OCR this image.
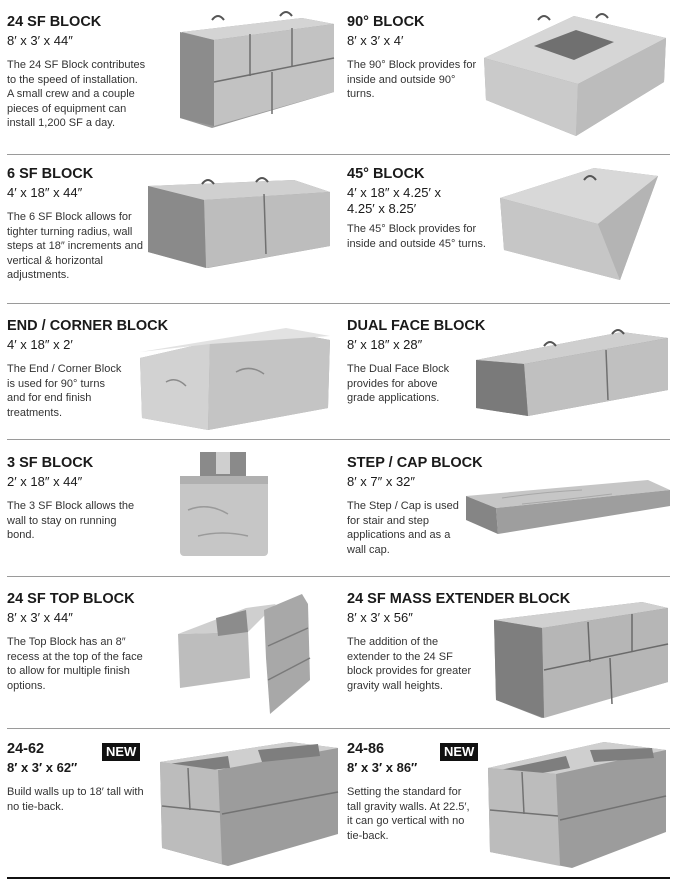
24 SF BLOCK
8′ x 3′ x 44″
The 24 SF Block contributes to the speed of installation. A small crew and a couple pieces of equipment can install 1,200 SF a day.
90° BLOCK
8′ x 3′ x 4′
The 90° Block provides for inside and outside 90° turns.
6 SF BLOCK
4′ x 18″ x 44″
The 6 SF Block allows for tighter turning radius, wall steps at 18″ increments and vertical & horizontal adjustments.
45° BLOCK
4′ x 18″ x 4.25′ x 4.25′ x 8.25′
The 45° Block provides for inside and outside 45° turns.
END / CORNER BLOCK
4′ x 18″ x 2′
The End / Corner Block is used for 90° turns and for end finish treatments.
DUAL FACE BLOCK
8′ x 18″ x 28″
The Dual Face Block provides for above grade applications.
3 SF BLOCK
2′ x 18″ x 44″
The 3 SF Block allows the wall to stay on running bond.
STEP / CAP BLOCK
8′ x 7″ x 32″
The Step / Cap is used for stair and step applications and as a wall cap.
24 SF TOP BLOCK
8′ x 3′ x 44″
The Top Block has an 8″ recess at the top of the face to allow for multiple finish options.
24 SF MASS EXTENDER BLOCK
8′ x 3′ x 56″
The addition of the extender to the 24 SF block provides for greater gravity wall heights.
24-62
8′ x 3′ x 62″
Build walls up to 18′ tall with no tie-back.
NEW	24-86
8′ x 3′ x 86″
Setting the standard for tall gravity walls. At 22.5′, it can go vertical with no tie-back.
NEW
